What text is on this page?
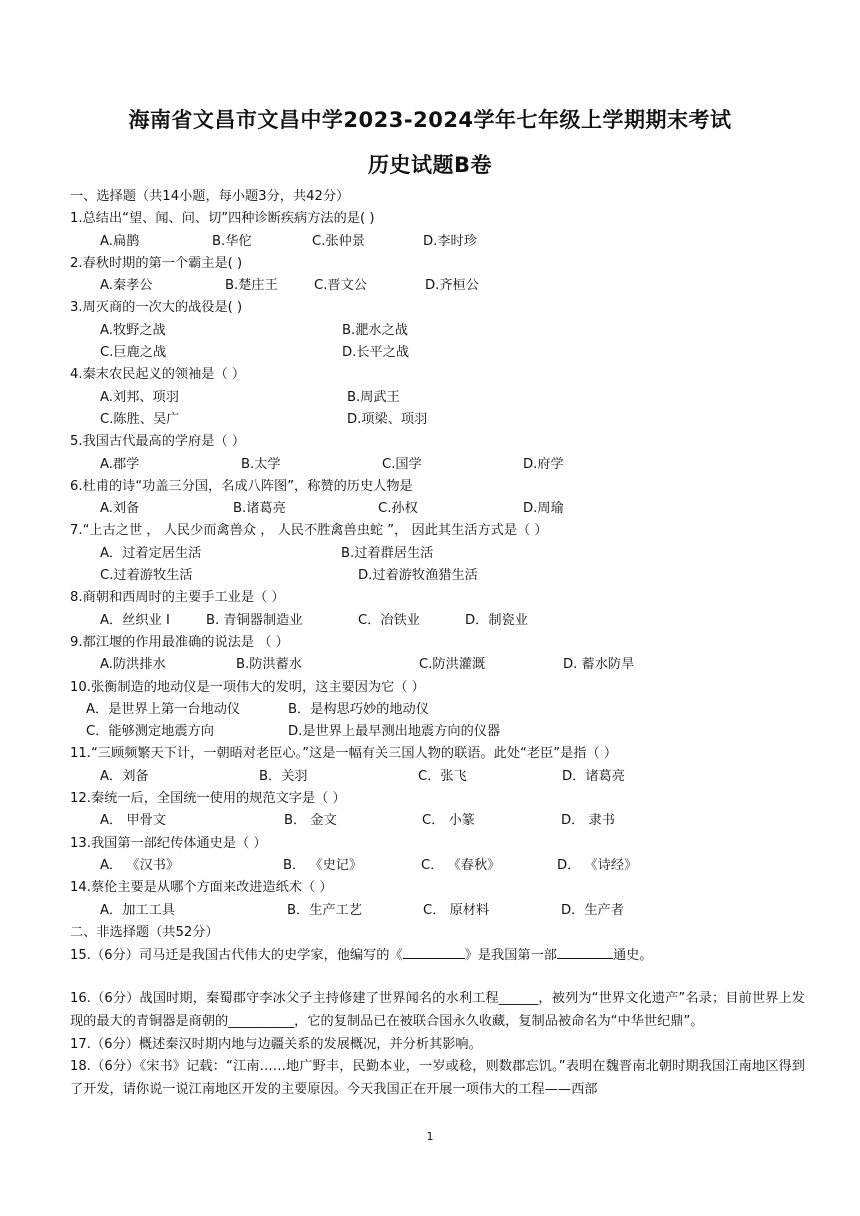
海南省文昌市文昌中学2023-2024学年七年级上学期期末考试
历史试题B卷
一、选择题（共14小题，每小题3分，共42分）
1.总结出“望、闻、问、切”四种诊断疾病方法的是( )
A.扁鹊	B.华佗	C.张仲景	D.李时珍
2.春秋时期的第一个霸主是( )
A.秦孝公	B.楚庄王	C.晋文公	D.齐桓公
3.周灭商的一次大的战役是( )
A.牧野之战	B.淝水之战
C.巨鹿之战	D.长平之战
4.秦末农民起义的领袖是（ ）
A.刘邦、项羽	B.周武王
C.陈胜、吴广	D.项梁、项羽
5.我国古代最高的学府是（ ）
A.郡学	B.太学	C.国学	D.府学
6.杜甫的诗“功盖三分国，名成八阵图”，称赞的历史人物是
A.刘备	B.诸葛亮	C.孙权	D.周瑜
7.“上古之世 ， 人民少而禽兽众 ， 人民不胜禽兽虫蛇 ”， 因此其生活方式是（ ）
A．过着定居生活	B.过着群居生活
C.过着游牧生活	D.过着游牧渔猎生活
8.商朝和西周时的主要手工业是（ ）
A．丝织业 I	B. 青铜器制造业	C．冶铁业	D．制瓷业
9.都江堰的作用最准确的说法是 （ ）
A.防洪排水	B.防洪蓄水	C.防洪灌溉	D. 蓄水防旱
10.张衡制造的地动仪是一项伟大的发明，这主要因为它（ ）
A．是世界上第一台地动仪	B．是构思巧妙的地动仪
C．能够测定地震方向	D.是世界上最早测出地震方向的仪器
11.“三顾频繁天下计，一朝晤对老臣心。”这是一幅有关三国人物的联语。此处“老臣”是指（ ）
A．刘备	B．关羽	C．张飞	D．诸葛亮
12.秦统一后，全国统一使用的规范文字是（ ）
A． 甲骨文	B． 金文	C． 小篆	D． 隶书
13.我国第一部纪传体通史是（ ）
A． 《汉书》	B． 《史记》	C． 《春秋》	D． 《诗经》
14.蔡伦主要是从哪个方面来改进造纸术（ ）
A．加工工具	B．生产工艺	C． 原材料	D．生产者
二、非选择题（共52分）
15.（6分）司马迁是我国古代伟大的史学家，他编写的《	》是我国第一部	通史。
16.（6分）战国时期，秦蜀郡守李冰父子主持修建了世界闻名的水利工程______，被列为“世界文化遗产”名录；目前世界上发现的最大的青铜器是商朝的__________，它的复制品已在被联合国永久收藏，复制品被命名为“中华世纪鼎”。
17.（6分）概述秦汉时期内地与边疆关系的发展概况，并分析其影响。
18.（6分）《宋书》记载：“江南……地广野丰，民勤本业，一岁或稔，则数郡忘饥。”表明在魏晋南北朝时期我国江南地区得到了开发，请你说一说江南地区开发的主要原因。今天我国正在开展一项伟大的工程——西部
1
